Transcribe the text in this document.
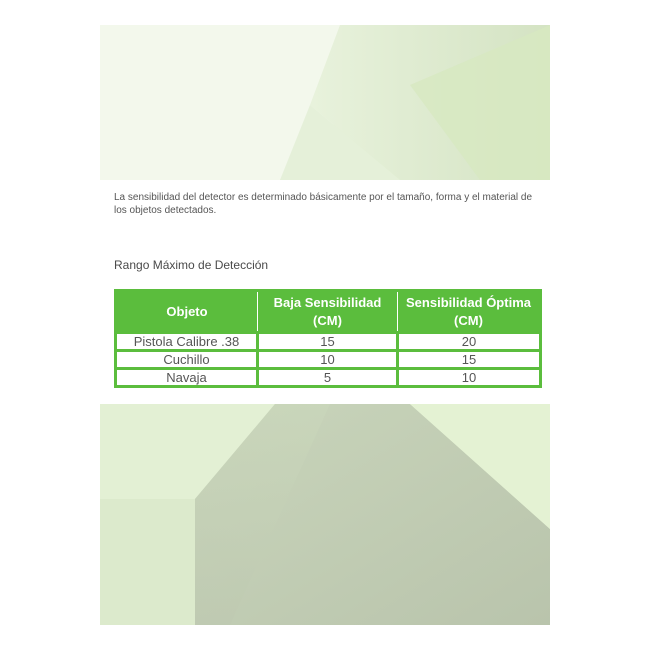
La sensibilidad del detector es determinado básicamente por el tamaño, forma y el material de los objetos detectados.

Rango Máximo de Detección
Objeto	Baja Sensibilidad (CM)	Sensibilidad Óptima (CM)
Pistola Calibre .38	15	20
Cuchillo	10	15
Navaja	5	10
